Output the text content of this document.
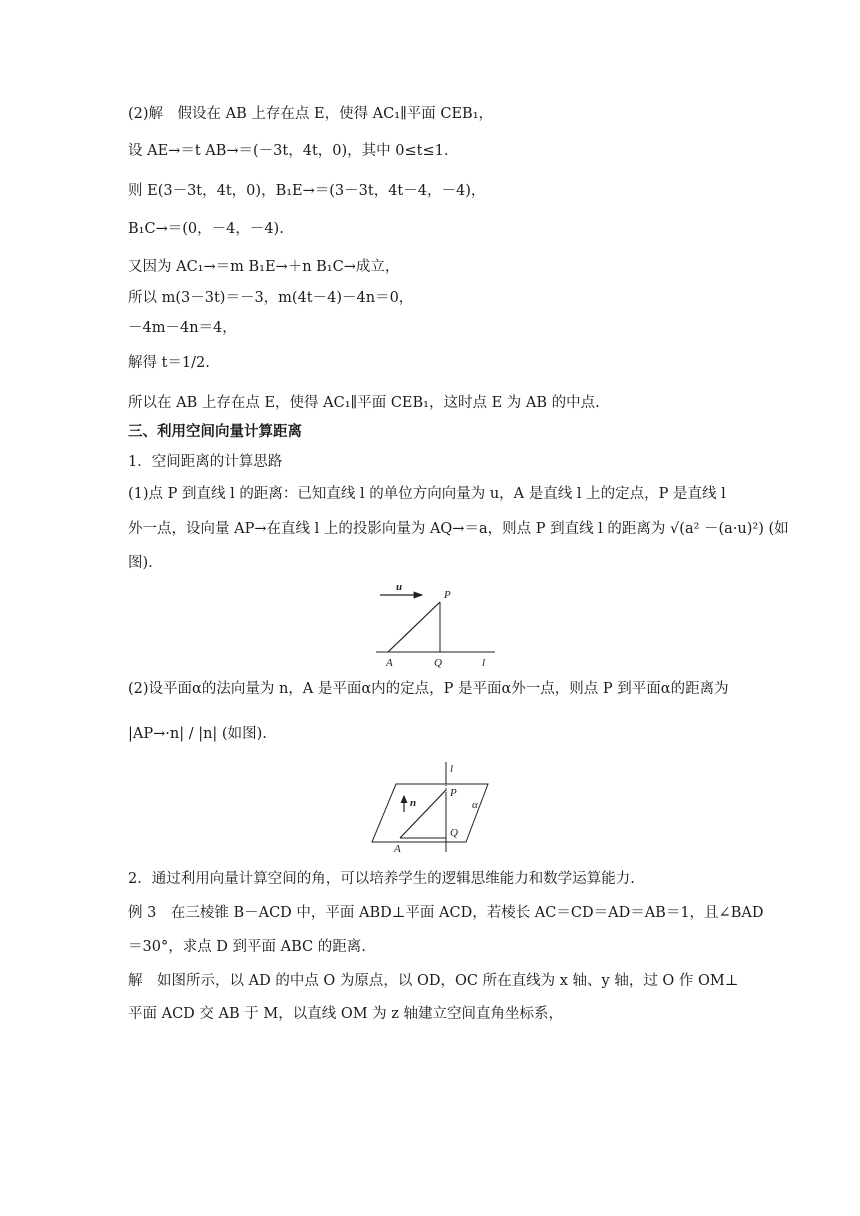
(2)解　假设在 AB 上存在点 E，使得 AC₁∥平面 CEB₁，
设 AE→＝t AB→＝(－3t，4t，0)，其中 0≤t≤1.
则 E(3－3t，4t，0)，B₁E→＝(3－3t，4t－4，－4)，
B₁C→＝(0，－4，－4).
又因为 AC₁→＝m B₁E→＋n B₁C→成立，
所以 m(3－3t)＝－3，m(4t－4)－4n＝0，
－4m－4n＝4，
解得 t＝1/2.
所以在 AB 上存在点 E，使得 AC₁∥平面 CEB₁，这时点 E 为 AB 的中点.
三、利用空间向量计算距离
1．空间距离的计算思路
(1)点 P 到直线 l 的距离：已知直线 l 的单位方向向量为 u，A 是直线 l 上的定点，P 是直线 l
外一点，设向量 AP→在直线 l 上的投影向量为 AQ→＝a，则点 P 到直线 l 的距离为 √(a² －(a·u)²) (如
图).
u
P
A	Q	l
(2)设平面α的法向量为 n，A 是平面α内的定点，P 是平面α外一点，则点 P 到平面α的距离为
|AP→·n| / |n| (如图).
l
n
P
α
Q
A
2．通过利用向量计算空间的角，可以培养学生的逻辑思维能力和数学运算能力.
例 3　在三棱锥 B－ACD 中，平面 ABD⊥平面 ACD，若棱长 AC＝CD＝AD＝AB＝1，且∠BAD
＝30°，求点 D 到平面 ABC 的距离.
解　如图所示，以 AD 的中点 O 为原点，以 OD，OC 所在直线为 x 轴、y 轴，过 O 作 OM⊥
平面 ACD 交 AB 于 M，以直线 OM 为 z 轴建立空间直角坐标系，
